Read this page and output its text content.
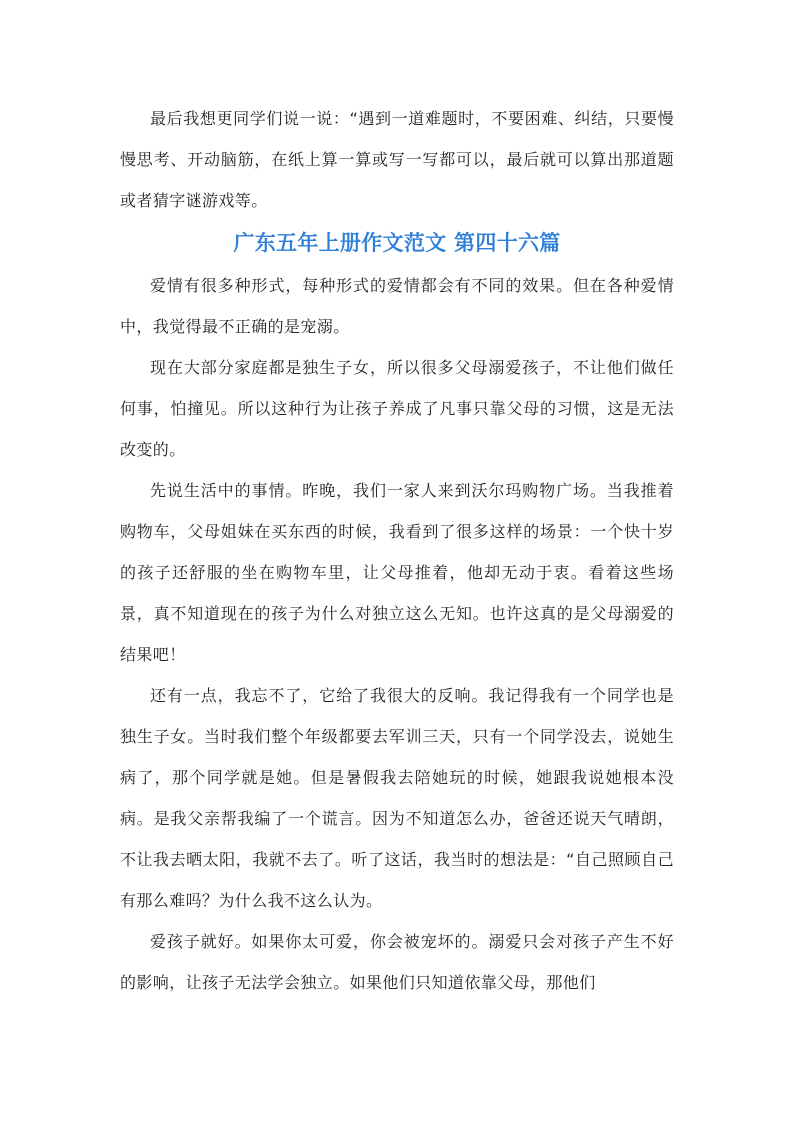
最后我想更同学们说一说：“遇到一道难题时，不要困难、纠结，只要慢慢思考、开动脑筋，在纸上算一算或写一写都可以，最后就可以算出那道题或者猜字谜游戏等。

广东五年上册作文范文 第四十六篇

爱情有很多种形式，每种形式的爱情都会有不同的效果。但在各种爱情中，我觉得最不正确的是宠溺。

现在大部分家庭都是独生子女，所以很多父母溺爱孩子，不让他们做任何事，怕撞见。所以这种行为让孩子养成了凡事只靠父母的习惯，这是无法改变的。

先说生活中的事情。昨晚，我们一家人来到沃尔玛购物广场。当我推着购物车，父母姐妹在买东西的时候，我看到了很多这样的场景：一个快十岁的孩子还舒服的坐在购物车里，让父母推着，他却无动于衷。看着这些场景，真不知道现在的孩子为什么对独立这么无知。也许这真的是父母溺爱的结果吧！

还有一点，我忘不了，它给了我很大的反响。我记得我有一个同学也是独生子女。当时我们整个年级都要去军训三天，只有一个同学没去，说她生病了，那个同学就是她。但是暑假我去陪她玩的时候，她跟我说她根本没病。是我父亲帮我编了一个谎言。因为不知道怎么办，爸爸还说天气晴朗，不让我去晒太阳，我就不去了。听了这话，我当时的想法是：“自己照顾自己有那么难吗？为什么我不这么认为。

爱孩子就好。如果你太可爱，你会被宠坏的。溺爱只会对孩子产生不好的影响，让孩子无法学会独立。如果他们只知道依靠父母，那他们
